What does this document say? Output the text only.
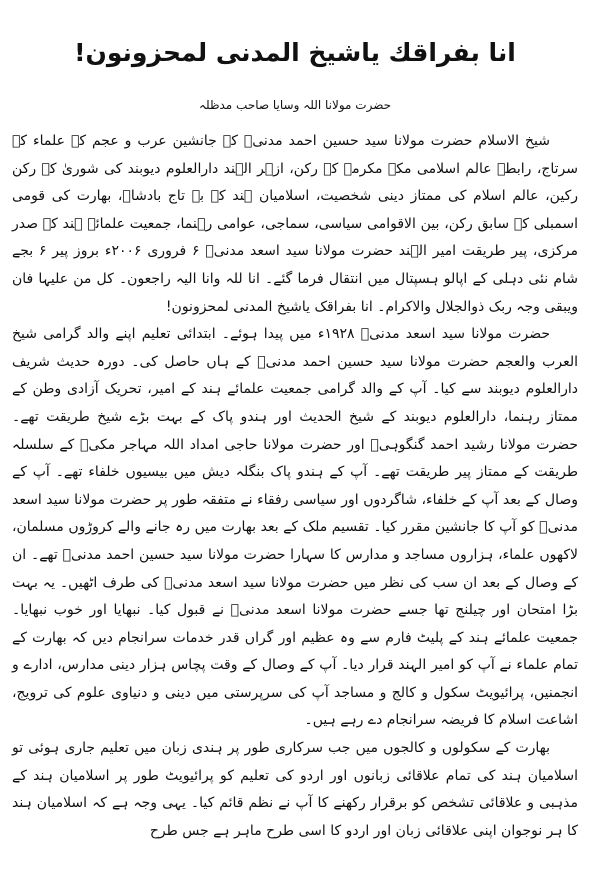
انا بفراقك ياشيخ المدنى لمحزونون!
حضرت مولانا اللہ وسایا صاحب مدظلہ

شیخ الاسلام حضرت مولانا سید حسین احمد مدنیؒ کے جانشین عرب و عجم کے علماء کے سرتاج، رابطہ عالم اسلامی مکہ مکرمہ کے رکن، ازہر الہند دارالعلوم دیوبند کی شوریٰ کے رکن رکین، عالم اسلام کی ممتاز دینی شخصیت، اسلامیان ہند کے بے تاج بادشاہ، بھارت کی قومی اسمبلی کے سابق رکن، بین الاقوامی سیاسی، سماجی، عوامی رہنما، جمعیت علمائے ہند کے صدر مرکزی، پیر طریقت امیر الہند حضرت مولانا سید اسعد مدنیؒ ۶ فروری ۲۰۰۶ء بروز پیر ۶ بجے شام نئی دہلی کے اپالو ہسپتال میں انتقال فرما گئے۔ انا للہ وانا الیہ راجعون۔ کل من علیہا فان ویبقی وجہ ربک ذوالجلال والاکرام۔ انا بفراقک یاشیخ المدنی لمحزونون!

حضرت مولانا سید اسعد مدنیؒ ۱۹۲۸ء میں پیدا ہوئے۔ ابتدائی تعلیم اپنے والد گرامی شیخ العرب والعجم حضرت مولانا سید حسین احمد مدنیؒ کے ہاں حاصل کی۔ دورہ حدیث شریف دارالعلوم دیوبند سے کیا۔ آپ کے والد گرامی جمعیت علمائے ہند کے امیر، تحریک آزادی وطن کے ممتاز رہنما، دارالعلوم دیوبند کے شیخ الحدیث اور ہندو پاک کے بہت بڑے شیخ طریقت تھے۔ حضرت مولانا رشید احمد گنگوہیؒ اور حضرت مولانا حاجی امداد اللہ مہاجر مکیؒ کے سلسلہ طریقت کے ممتاز پیر طریقت تھے۔ آپ کے ہندو پاک بنگلہ دیش میں بیسیوں خلفاء تھے۔ آپ کے وصال کے بعد آپ کے خلفاء، شاگردوں اور سیاسی رفقاء نے متفقہ طور پر حضرت مولانا سید اسعد مدنیؒ کو آپ کا جانشین مقرر کیا۔ تقسیم ملک کے بعد بھارت میں رہ جانے والے کروڑوں مسلمان، لاکھوں علماء، ہزاروں مساجد و مدارس کا سہارا حضرت مولانا سید حسین احمد مدنیؒ تھے۔ ان کے وصال کے بعد ان سب کی نظر میں حضرت مولانا سید اسعد مدنیؒ کی طرف اٹھیں۔ یہ بہت بڑا امتحان اور چیلنج تھا جسے حضرت مولانا اسعد مدنیؒ نے قبول کیا۔ نبھایا اور خوب نبھایا۔ جمعیت علمائے ہند کے پلیٹ فارم سے وہ عظیم اور گراں قدر خدمات سرانجام دیں کہ بھارت کے تمام علماء نے آپ کو امیر الہند قرار دیا۔ آپ کے وصال کے وقت پچاس ہزار دینی مدارس، ادارے و انجمنیں، پرائیویٹ سکول و کالج و مساجد آپ کی سرپرستی میں دینی و دنیاوی علوم کی ترویج، اشاعت اسلام کا فریضہ سرانجام دے رہے ہیں۔

بھارت کے سکولوں و کالجوں میں جب سرکاری طور پر ہندی زبان میں تعلیم جاری ہوئی تو اسلامیان ہند کی تمام علاقائی زبانوں اور اردو کی تعلیم کو پرائیویٹ طور پر اسلامیان ہند کے مذہبی و علاقائی تشخص کو برقرار رکھنے کا آپ نے نظم قائم کیا۔ یہی وجہ ہے کہ اسلامیان ہند کا ہر نوجوان اپنی علاقائی زبان اور اردو کا اسی طرح ماہر ہے جس طرح
